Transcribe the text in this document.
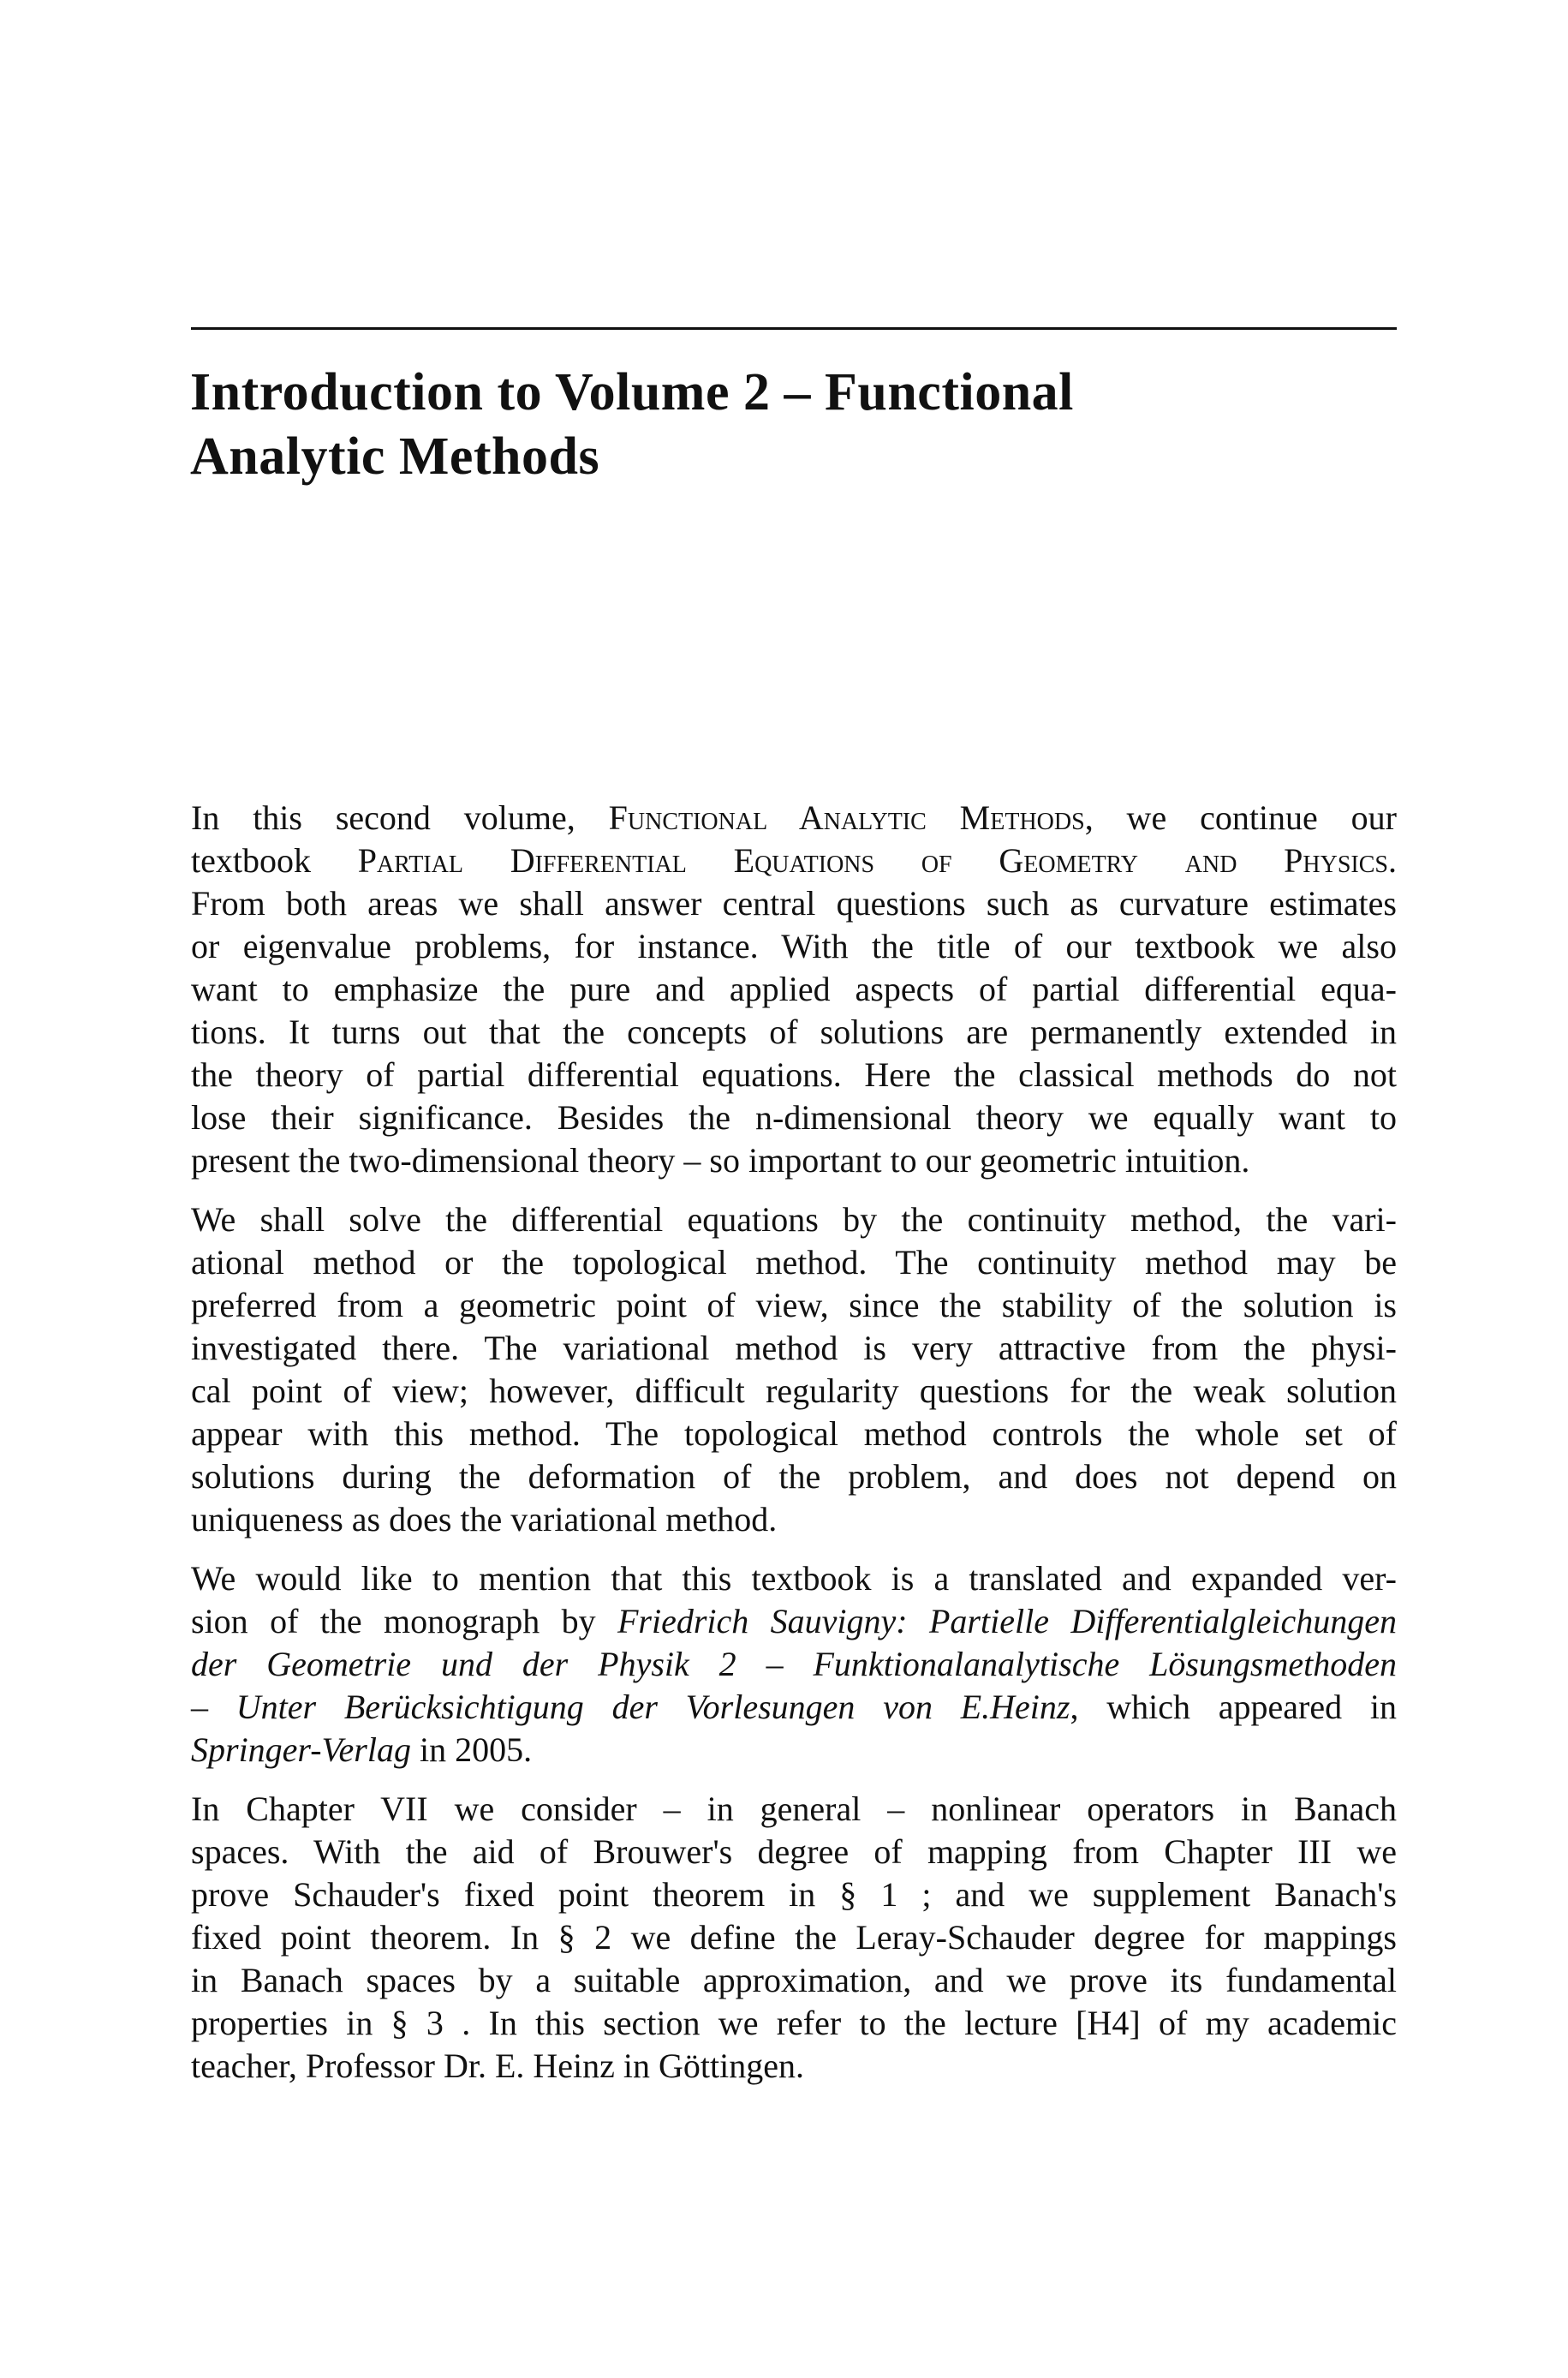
Introduction to Volume 2 – Functional
Analytic Methods
In this second volume, Functional Analytic Methods, we continue our
textbook Partial Differential Equations of Geometry and Physics.
From both areas we shall answer central questions such as curvature estimates
or eigenvalue problems, for instance. With the title of our textbook we also
want to emphasize the pure and applied aspects of partial differential equa-
tions. It turns out that the concepts of solutions are permanently extended in
the theory of partial differential equations. Here the classical methods do not
lose their significance. Besides the n-dimensional theory we equally want to
present the two-dimensional theory – so important to our geometric intuition.
We shall solve the differential equations by the continuity method, the vari-
ational method or the topological method. The continuity method may be
preferred from a geometric point of view, since the stability of the solution is
investigated there. The variational method is very attractive from the physi-
cal point of view; however, difficult regularity questions for the weak solution
appear with this method. The topological method controls the whole set of
solutions during the deformation of the problem, and does not depend on
uniqueness as does the variational method.
We would like to mention that this textbook is a translated and expanded ver-
sion of the monograph by Friedrich Sauvigny: Partielle Differentialgleichungen
der Geometrie und der Physik 2 – Funktionalanalytische Lösungsmethoden
– Unter Berücksichtigung der Vorlesungen von E.Heinz, which appeared in
Springer-Verlag in 2005.
In Chapter VII we consider – in general – nonlinear operators in Banach
spaces. With the aid of Brouwer's degree of mapping from Chapter III we
prove Schauder's fixed point theorem in § 1 ; and we supplement Banach's
fixed point theorem. In § 2 we define the Leray-Schauder degree for mappings
in Banach spaces by a suitable approximation, and we prove its fundamental
properties in § 3 . In this section we refer to the lecture [H4] of my academic
teacher, Professor Dr. E. Heinz in Göttingen.
